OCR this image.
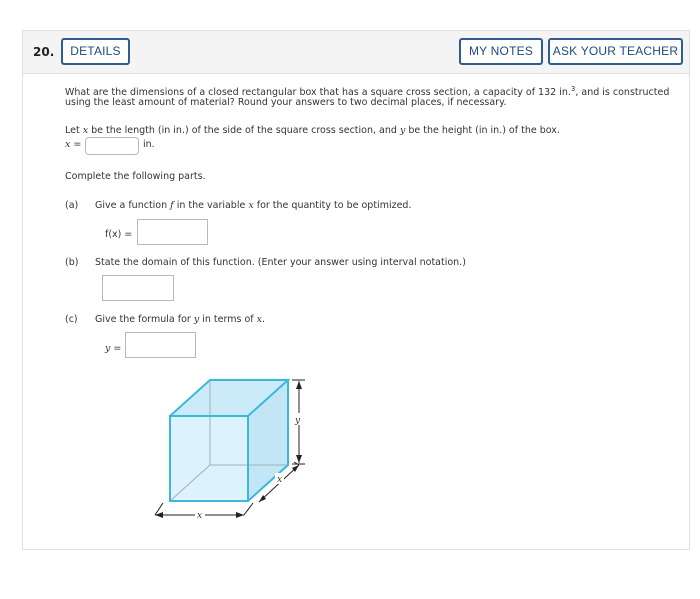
20.	DETAILS	MY NOTES	ASK YOUR TEACHER
What are the dimensions of a closed rectangular box that has a square cross section, a capacity of 132 in.$^3$, and is constructed
using the least amount of material? Round your answers to two decimal places, if necessary.
Let x be the length (in in.) of the side of the square cross section, and y be the height (in in.) of the box.
x =	in.
Complete the following parts.
(a) Give a function f in the variable x for the quantity to be optimized.
f(x) =
(b) State the domain of this function. (Enter your answer using interval notation.)
(c) Give the formula for y in terms of x.
y =
x
x
y
